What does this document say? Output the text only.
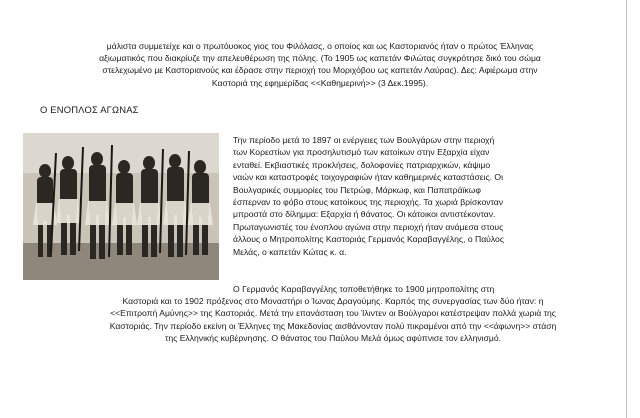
μάλιστα συμμετείχε και ο πρωτόυοκος γιος του Φιλόλασς, ο οποίος και ως Καστοριανός ήταν ο πρώτος Έλληνας
αξιωματικός που διακρίυζε την απελευθέρωση της πόλης. (Το 1905 ως καπετάν Φιλώτας συγκρότησε δικό του σώμα
στελεχωμένο με Καστοριανούς και έδρασε στην περιοχή του Μοριχόβου ως καπετάν Λαύρας). Δες: Αφιέρωμα στην
Καστοριά της εφημερίδας <<Καθημερινή>> (3 Δεκ.1995).
Ο ΕΝΟΠΛΟΣ ΑΓΩΝΑΣ
Την περίοδο μετά το 1897 οι ενέργειες των Βουλγάρων στην περιοχή
των Κορεστίων για προσηλυτισμό των κατοίκων στην Εξαρχία είχαν
ενταθεί. Εκβιαστικές προκλήσεις, δολοφονίες πατριαρχικών, κάψιμο
ναών και καταστροφές τοιχογραφιών ήταν καθημερινές καταστάσεις. Οι
Βουλγαρικές συμμορίες του Πετρώφ, Μάρκωφ, και Παπατράϊκωφ
έσπερναν το φόβο στους κατοίκους της περιοχής. Τα χωριά βρίσκονταν
μπροστά στο δίλημμα: Εξαρχία ή θάνατος. Οι κάτοικοι αντιστέκονταν.
Πρωταγωνιστές του ένοπλου αγώνα στην περιοχή ήταν ανάμεσα στους
άλλους ο Μητροπολίτης Καστοριάς Γερμανός Καραβαγγέλης, ο Παύλος
Μελάς, ο καπετάν Κώτας κ. α.
Ο Γερμανός Καραβαγγέλης τοποθετήθηκε το 1900 μητροπολίτης στη
Καστοριά και το 1902 πρόξενος στο Μοναστήρι ο Ίωνας Δραγούμης. Καρπός της συνεργασίας των δύο ήταν: η
<<Επιτροπή Αμύνης>> της Καστοριάς. Μετά την επανάσταση του Ίλιντεν οι Βούλγαροι κατέστρεψαν πολλά χωριά της
Καστοριάς. Την περίοδο εκείνη οι Έλληνες της Μακεδονίας αισθάνονταν πολύ πικραμένοι από την <<άφωνη>> στάση
της Ελληνικής κυβέρνησης. Ο θάνατος του Παύλου Μελά όμως αφύπνισε τον ελληνισμό.
